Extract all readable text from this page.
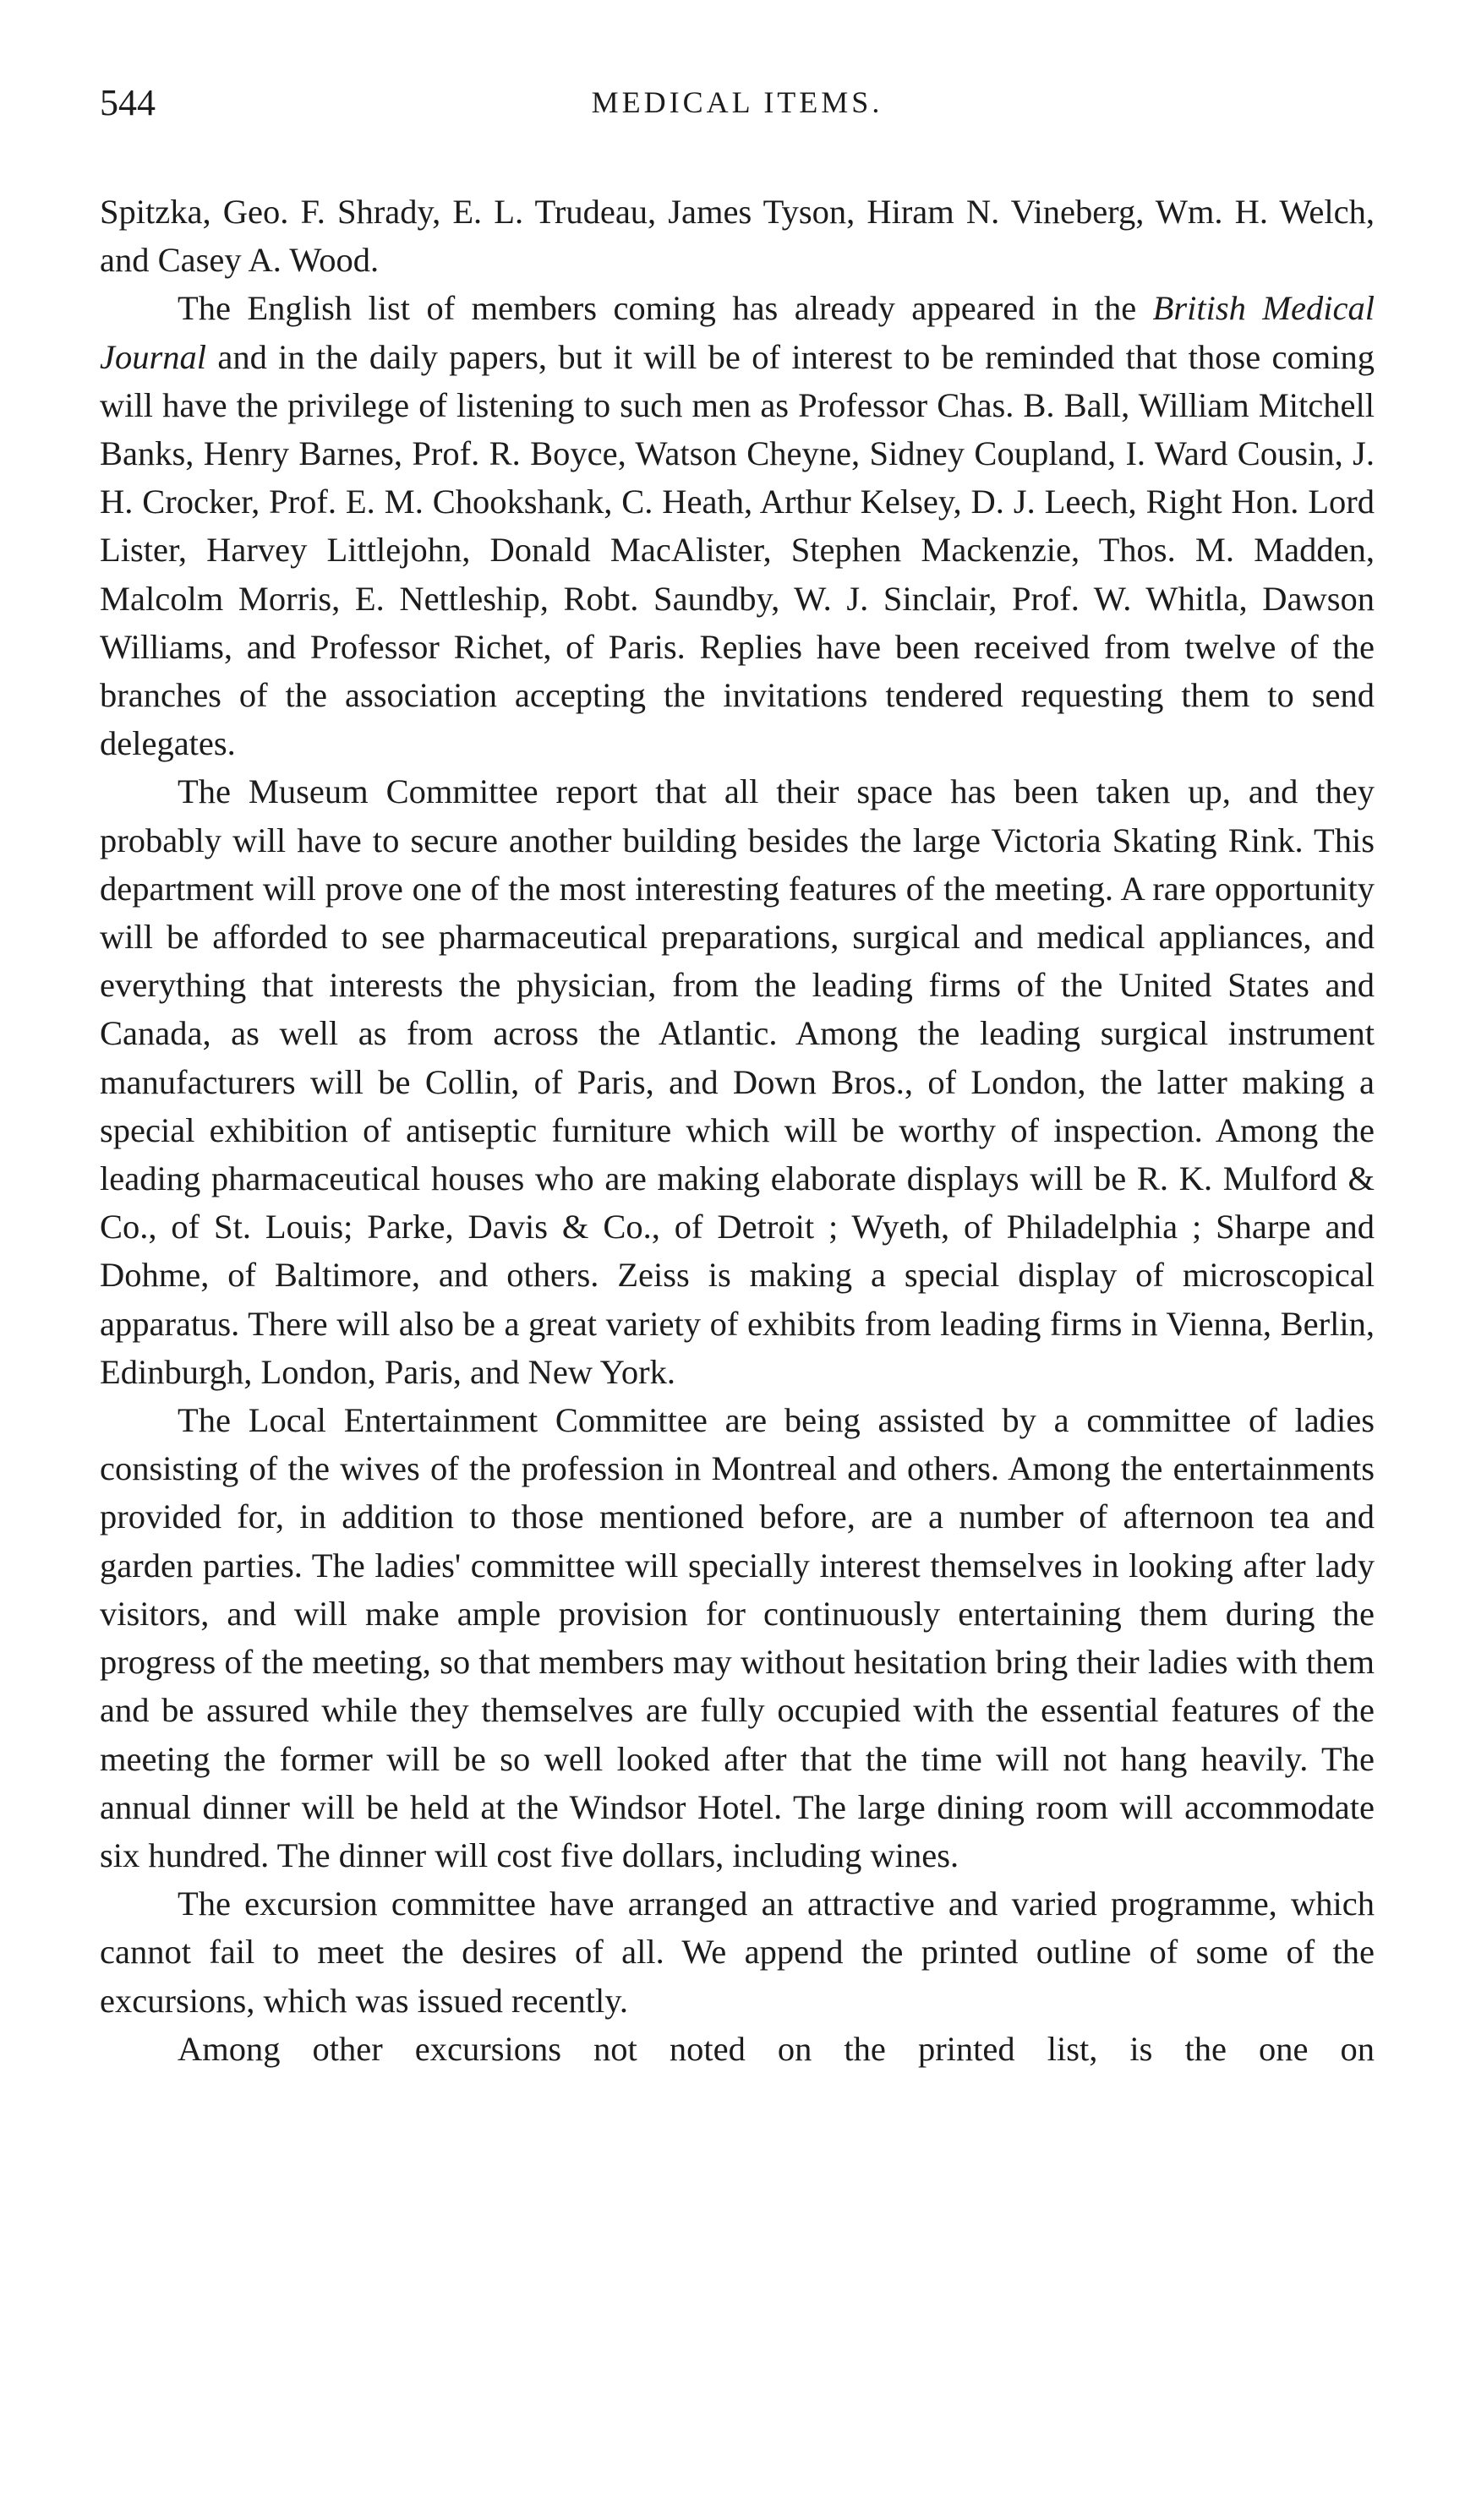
544	MEDICAL ITEMS.

Spitzka, Geo. F. Shrady, E. L. Trudeau, James Tyson, Hiram N. Vineberg, Wm. H. Welch, and Casey A. Wood.

The English list of members coming has already appeared in the British Medical Journal and in the daily papers, but it will be of interest to be reminded that those coming will have the privilege of listening to such men as Professor Chas. B. Ball, William Mitchell Banks, Henry Barnes, Prof. R. Boyce, Watson Cheyne, Sidney Coupland, I. Ward Cousin, J. H. Crocker, Prof. E. M. Chookshank, C. Heath, Arthur Kelsey, D. J. Leech, Right Hon. Lord Lister, Harvey Littlejohn, Donald MacAlister, Stephen Mackenzie, Thos. M. Madden, Malcolm Morris, E. Nettleship, Robt. Saundby, W. J. Sinclair, Prof. W. Whitla, Dawson Williams, and Professor Richet, of Paris. Replies have been received from twelve of the branches of the association accepting the invitations tendered requesting them to send delegates.

The Museum Committee report that all their space has been taken up, and they probably will have to secure another building besides the large Victoria Skating Rink. This department will prove one of the most interesting features of the meeting. A rare opportunity will be afforded to see pharmaceutical preparations, surgical and medical appliances, and everything that interests the physician, from the leading firms of the United States and Canada, as well as from across the Atlantic. Among the leading surgical instrument manufacturers will be Collin, of Paris, and Down Bros., of London, the latter making a special exhibition of antiseptic furniture which will be worthy of inspection. Among the leading pharmaceutical houses who are making elaborate displays will be R. K. Mulford & Co., of St. Louis; Parke, Davis & Co., of Detroit ; Wyeth, of Philadelphia ; Sharpe and Dohme, of Baltimore, and others. Zeiss is making a special display of microscopical apparatus. There will also be a great variety of exhibits from leading firms in Vienna, Berlin, Edinburgh, London, Paris, and New York.

The Local Entertainment Committee are being assisted by a committee of ladies consisting of the wives of the profession in Montreal and others. Among the entertainments provided for, in addition to those mentioned before, are a number of afternoon tea and garden parties. The ladies' committee will specially interest themselves in looking after lady visitors, and will make ample provision for continuously entertaining them during the progress of the meeting, so that members may without hesitation bring their ladies with them and be assured while they themselves are fully occupied with the essential features of the meeting the former will be so well looked after that the time will not hang heavily. The annual dinner will be held at the Windsor Hotel. The large dining room will accommodate six hundred. The dinner will cost five dollars, including wines.

The excursion committee have arranged an attractive and varied programme, which cannot fail to meet the desires of all. We append the printed outline of some of the excursions, which was issued recently.

Among other excursions not noted on the printed list, is the one on
